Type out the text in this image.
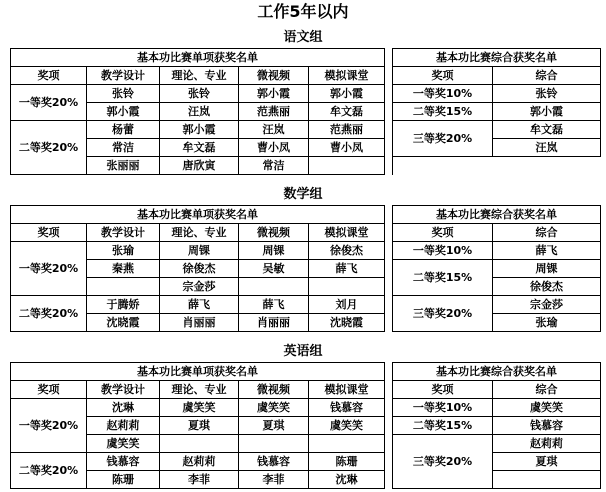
工作5年以内
语文组
基本功比赛单项获奖名单						基本功比赛综合获奖名单	
奖项	教学设计	理论、专业	微视频	模拟课堂		奖项	综合
一等奖20%	张铃	张铃	郭小霞	郭小霞		一等奖10%	张铃
	郭小霞	汪岚	范燕丽	牟文磊		二等奖15%	郭小霞
二等奖20%	杨蕾	郭小霞	汪岚	范燕丽		三等奖20%	牟文磊
	常洁	牟文磊	曹小凤	曹小凤			汪岚
	张丽丽	唐欣寅	常洁				
数学组
基本功比赛单项获奖名单						基本功比赛综合获奖名单	
奖项	教学设计	理论、专业	微视频	模拟课堂		奖项	综合
一等奖20%	张瑜	周锞	周锞	徐俊杰		一等奖10%	薛飞
	秦燕	徐俊杰	吴敏	薛飞		二等奖15%	周锞
		宗金莎					徐俊杰
二等奖20%	于腾娇	薛飞	薛飞	刘月		三等奖20%	宗金莎
	沈晓霞	肖丽丽	肖丽丽	沈晓霞			张瑜
英语组
基本功比赛单项获奖名单						基本功比赛综合获奖名单	
奖项	教学设计	理论、专业	微视频	模拟课堂		奖项	综合
一等奖20%	沈琳	虞笑笑	虞笑笑	钱慕容		一等奖10%	虞笑笑
	赵莉莉	夏琪	夏琪	虞笑笑		二等奖15%	钱慕容
	虞笑笑					三等奖20%	赵莉莉
二等奖20%	钱慕容	赵莉莉	钱慕容	陈珊			夏琪
	陈珊	李菲	李菲	沈琳			
